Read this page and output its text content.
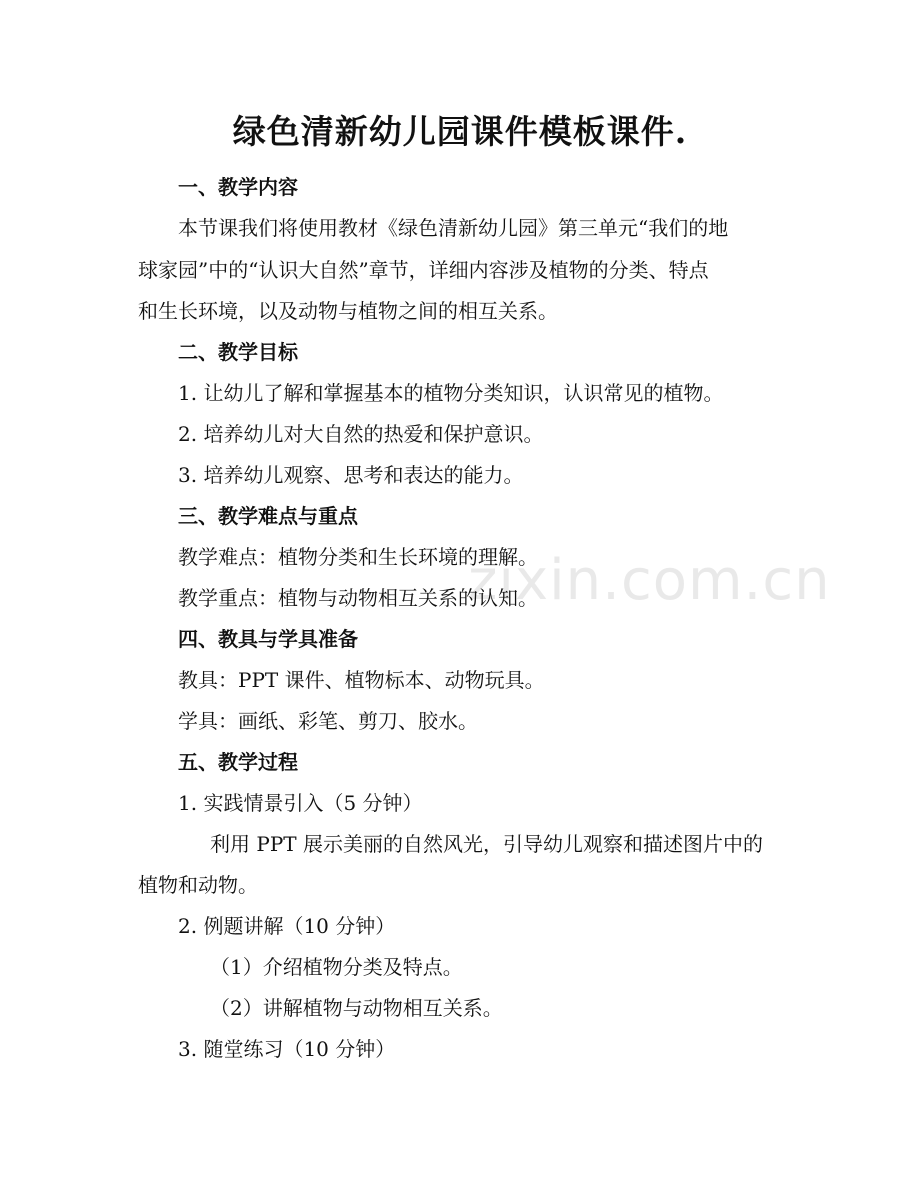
zixin.com.cn
绿色清新幼儿园课件模板课件.
一、教学内容
本节课我们将使用教材《绿色清新幼儿园》第三单元“我们的地
球家园”中的“认识大自然”章节，详细内容涉及植物的分类、特点
和生长环境，以及动物与植物之间的相互关系。
二、教学目标
1. 让幼儿了解和掌握基本的植物分类知识，认识常见的植物。
2. 培养幼儿对大自然的热爱和保护意识。
3. 培养幼儿观察、思考和表达的能力。
三、教学难点与重点
教学难点：植物分类和生长环境的理解。
教学重点：植物与动物相互关系的认知。
四、教具与学具准备
教具：PPT 课件、植物标本、动物玩具。
学具：画纸、彩笔、剪刀、胶水。
五、教学过程
1. 实践情景引入（5 分钟）
利用 PPT 展示美丽的自然风光，引导幼儿观察和描述图片中的
植物和动物。
2. 例题讲解（10 分钟）
（1）介绍植物分类及特点。
（2）讲解植物与动物相互关系。
3. 随堂练习（10 分钟）
